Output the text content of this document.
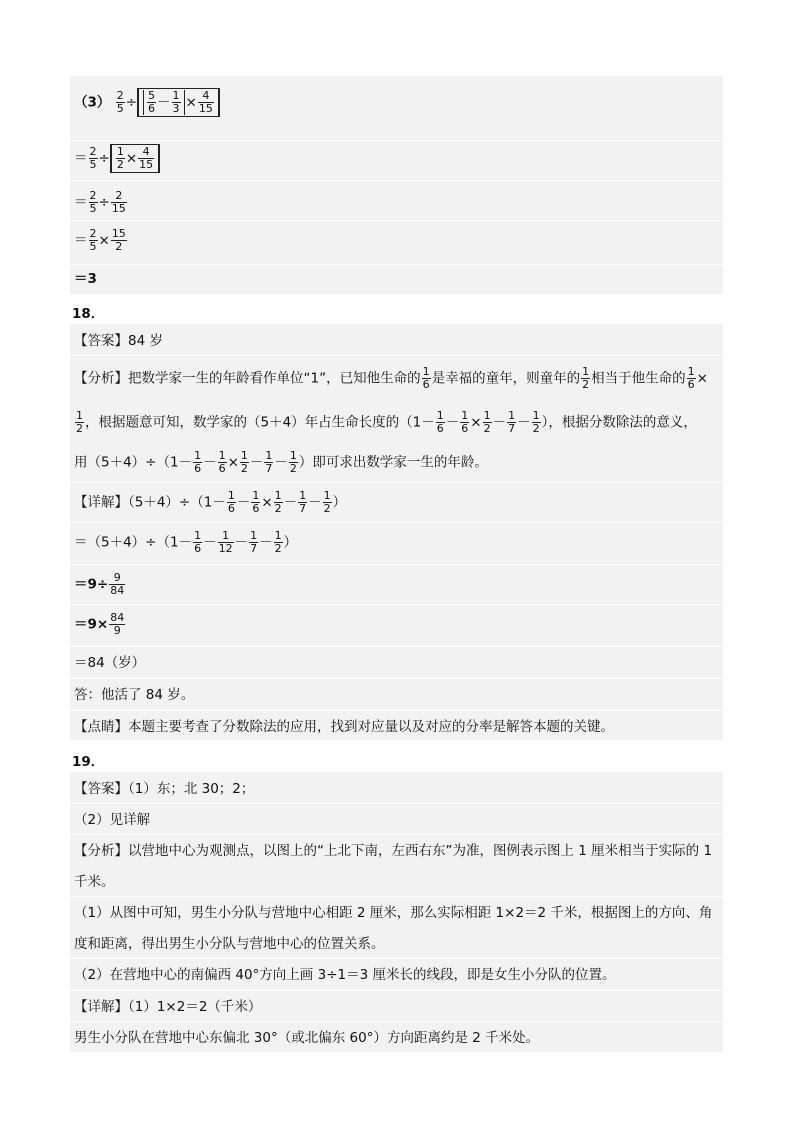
$(3) \frac{2}{5} \div \frac{5}{6} - \frac{1}{3} \times \frac{4}{15}$
＝ $\frac{2}{5} \div \frac{1}{2} \times \frac{4}{15}$
＝ $\frac{2}{5} \div \frac{2}{15}$
＝ $\frac{2}{5} \times \frac{15}{2}$
＝3
18．
【答案】84 岁
【分析】把数学家一生的年龄看作单位“1”，已知他生命的 $\frac{1}{6}$ 是幸福的童年，则童年的 $\frac{1}{2}$ 相当于他生命的 $\frac{1}{6}$ ×
$\frac{1}{2}$ ，根据题意可知，数学家的（5＋4）年占生命长度的（$1- \frac{1}{6} - \frac{1}{6} \times \frac{1}{2} - \frac{1}{7} - \frac{1}{2}$ ），根据分数除法的意义，
用$(5+4)\div(1- \frac{1}{6} - \frac{1}{6} \times \frac{1}{2} - \frac{1}{7} - \frac{1}{2}$ ）即可求出数学家一生的年龄。
【详解】$(5+4)\div(1- \frac{1}{6} - \frac{1}{6} \times \frac{1}{2} - \frac{1}{7} - \frac{1}{2}$ ）
$=(5+4)\div(1- \frac{1}{6} - \frac{1}{12} - \frac{1}{7} - \frac{1}{2}$ ）
$=9\div \frac{9}{84}$
$=9\times \frac{84}{9}$
＝84（岁）
答：他活了 84 岁。
【点睛】本题主要考查了分数除法的应用，找到对应量以及对应的分率是解答本题的关键。
19．
【答案】（1）东；北 30；2；
（2）见详解
【分析】以营地中心为观测点，以图上的“上北下南，左西右东”为准，图例表示图上 1 厘米相当于实际的 1
千米。
（1）从图中可知，男生小分队与营地中心相距 2 厘米，那么实际相距 1×2＝2 千米，根据图上的方向、角
度和距离，得出男生小分队与营地中心的位置关系。
（2）在营地中心的南偏西 40°方向上画 3÷1＝3 厘米长的线段，即是女生小分队的位置。
【详解】（1）1×2＝2（千米）
男生小分队在营地中心东偏北 30°（或北偏东 60°）方向距离约是 2 千米处。
